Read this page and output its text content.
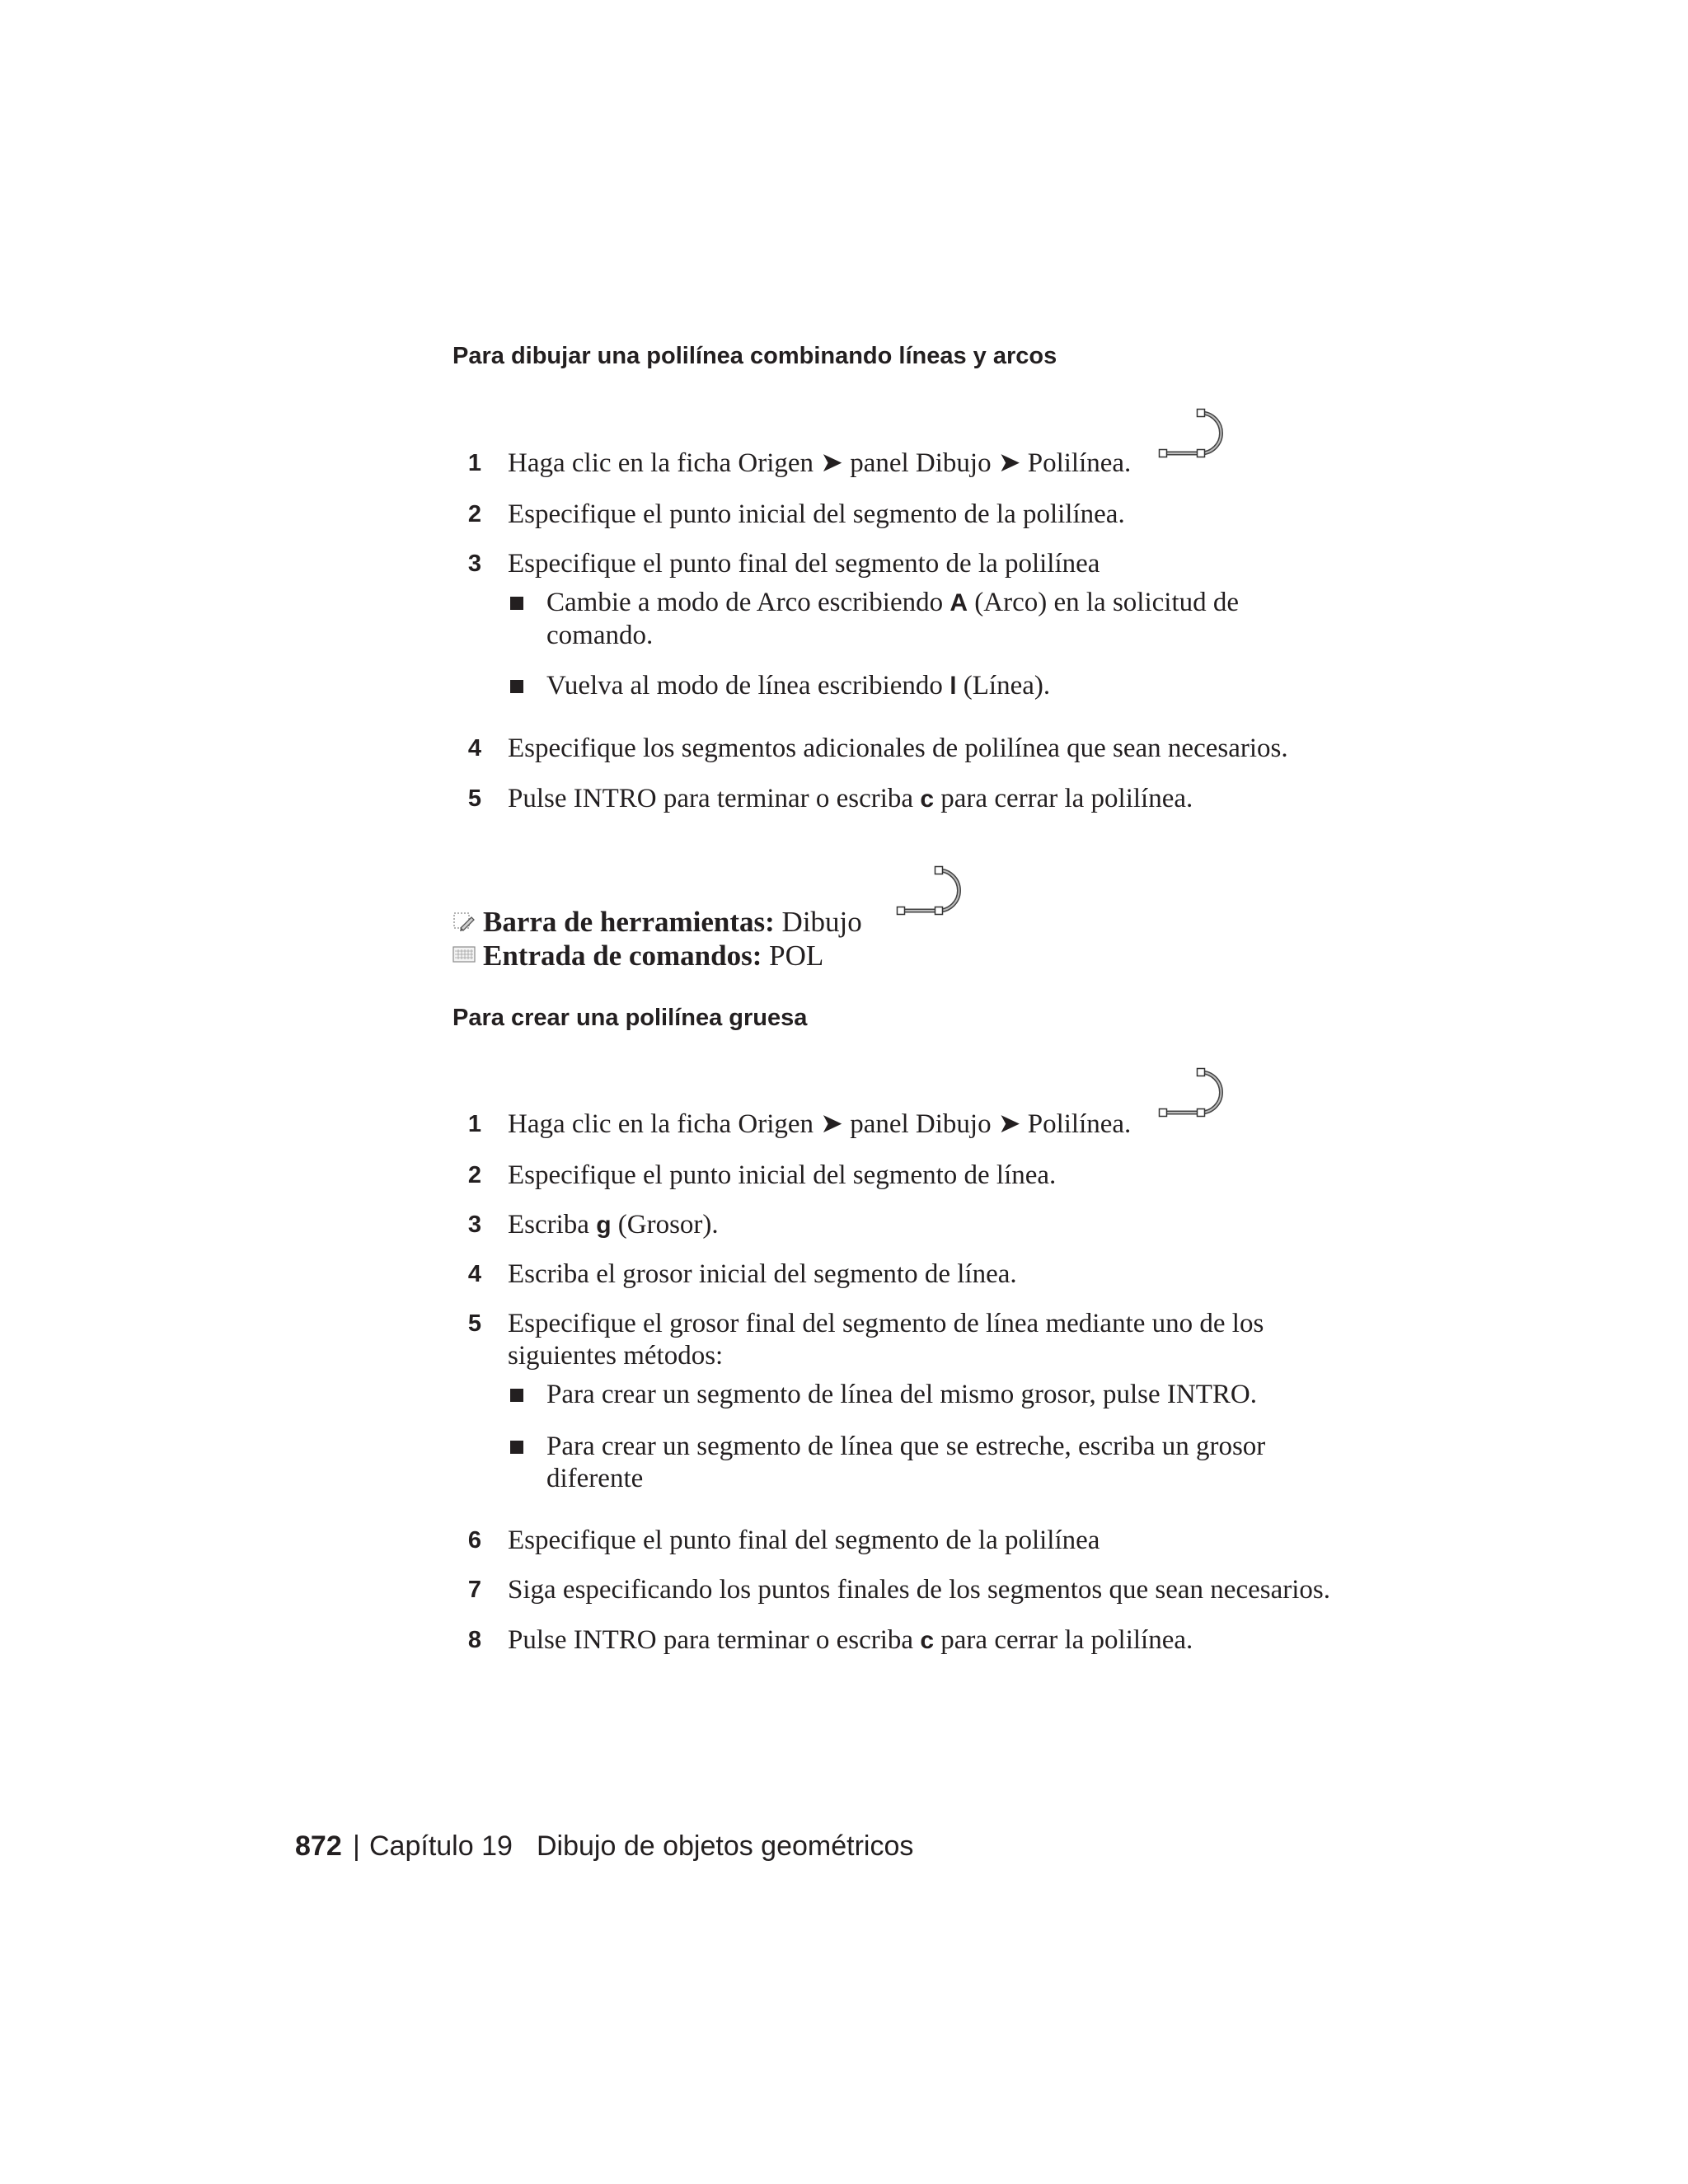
Para dibujar una polilínea combinando líneas y arcos
1 Haga clic en la ficha Origen ➤ panel Dibujo ➤ Polilínea.
2 Especifique el punto inicial del segmento de la polilínea.
3 Especifique el punto final del segmento de la polilínea
Cambie a modo de Arco escribiendo A (Arco) en la solicitud de
comando.
Vuelva al modo de línea escribiendo l (Línea).
4 Especifique los segmentos adicionales de polilínea que sean necesarios.
5 Pulse INTRO para terminar o escriba c para cerrar la polilínea.
Barra de herramientas: Dibujo
Entrada de comandos: POL
Para crear una polilínea gruesa
1 Haga clic en la ficha Origen ➤ panel Dibujo ➤ Polilínea.
2 Especifique el punto inicial del segmento de línea.
3 Escriba g (Grosor).
4 Escriba el grosor inicial del segmento de línea.
5 Especifique el grosor final del segmento de línea mediante uno de los
siguientes métodos:
Para crear un segmento de línea del mismo grosor, pulse INTRO.
Para crear un segmento de línea que se estreche, escriba un grosor
diferente
6 Especifique el punto final del segmento de la polilínea
7 Siga especificando los puntos finales de los segmentos que sean necesarios.
8 Pulse INTRO para terminar o escriba c para cerrar la polilínea.
872 | Capítulo 19 Dibujo de objetos geométricos
